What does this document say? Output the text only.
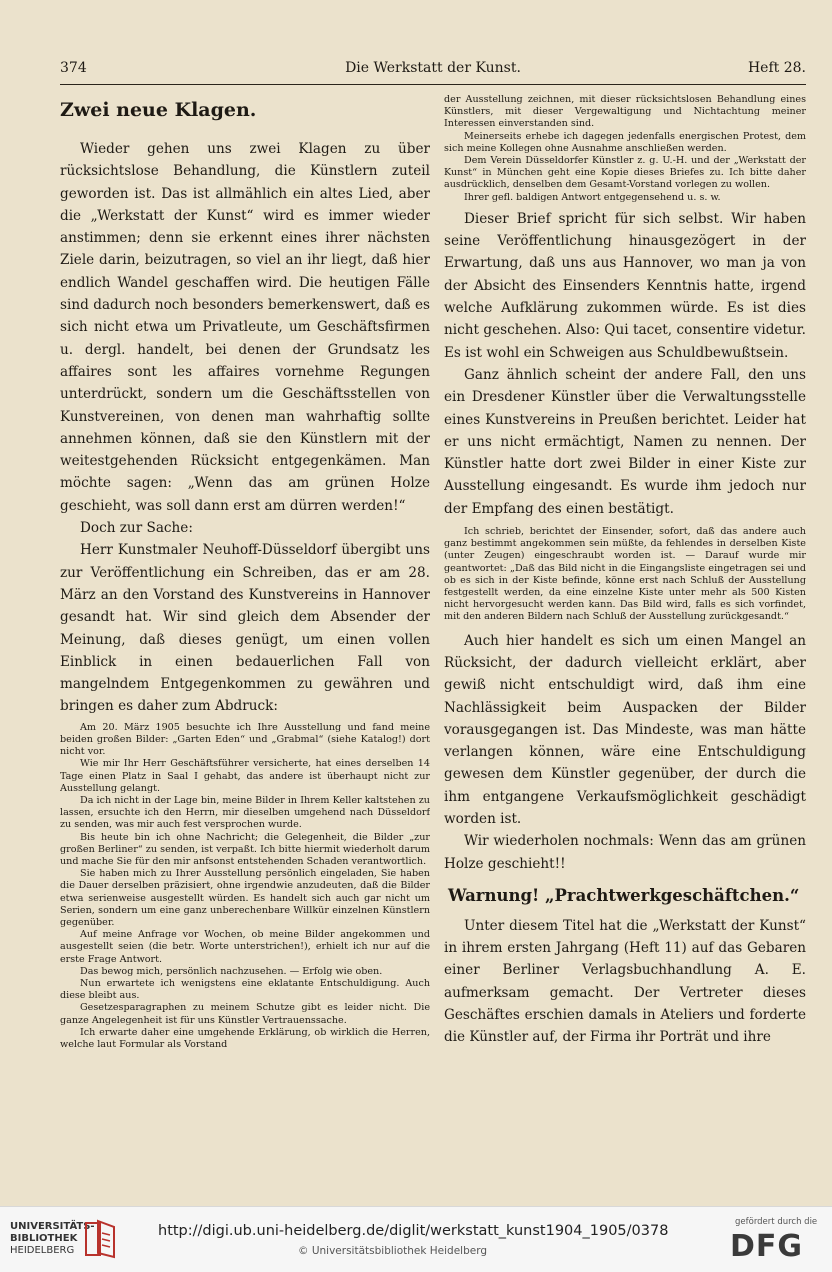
374	Die Werkstatt der Kunst.	Heft 28.

Zwei neue Klagen.

Wieder gehen uns zwei Klagen zu über rücksichtslose Behandlung, die Künstlern zuteil geworden ist. Das ist allmählich ein altes Lied, aber die „Werkstatt der Kunst“ wird es immer wieder anstimmen; denn sie erkennt eines ihrer nächsten Ziele darin, beizutragen, so viel an ihr liegt, daß hier endlich Wandel geschaffen wird. Die heutigen Fälle sind dadurch noch besonders bemerkenswert, daß es sich nicht etwa um Privatleute, um Geschäftsfirmen u. dergl. handelt, bei denen der Grundsatz les affaires sont les affaires vornehme Regungen unterdrückt, sondern um die Geschäftsstellen von Kunstvereinen, von denen man wahrhaftig sollte annehmen können, daß sie den Künstlern mit der weitestgehenden Rücksicht entgegenkämen. Man möchte sagen: „Wenn das am grünen Holze geschieht, was soll dann erst am dürren werden!“

Doch zur Sache:

Herr Kunstmaler Neuhoff-Düsseldorf übergibt uns zur Veröffentlichung ein Schreiben, das er am 28. März an den Vorstand des Kunstvereins in Hannover gesandt hat. Wir sind gleich dem Absender der Meinung, daß dieses genügt, um einen vollen Einblick in einen bedauerlichen Fall von mangelndem Entgegenkommen zu gewähren und bringen es daher zum Abdruck:

Am 20. März 1905 besuchte ich Ihre Ausstellung und fand meine beiden großen Bilder: „Garten Eden“ und „Grabmal“ (siehe Katalog!) dort nicht vor.

Wie mir Ihr Herr Geschäftsführer versicherte, hat eines derselben 14 Tage einen Platz in Saal I gehabt, das andere ist überhaupt nicht zur Ausstellung gelangt.

Da ich nicht in der Lage bin, meine Bilder in Ihrem Keller kaltstehen zu lassen, ersuchte ich den Herrn, mir dieselben umgehend nach Düsseldorf zu senden, was mir auch fest versprochen wurde.

Bis heute bin ich ohne Nachricht; die Gelegenheit, die Bilder „zur großen Berliner“ zu senden, ist verpaßt. Ich bitte hiermit wiederholt darum und mache Sie für den mir anfsonst entstehenden Schaden verantwortlich.

Sie haben mich zu Ihrer Ausstellung persönlich eingeladen, Sie haben die Dauer derselben präzisiert, ohne irgendwie anzudeuten, daß die Bilder etwa serienweise ausgestellt würden. Es handelt sich auch gar nicht um Serien, sondern um eine ganz unberechenbare Willkür einzelnen Künstlern gegenüber.

Auf meine Anfrage vor Wochen, ob meine Bilder angekommen und ausgestellt seien (die betr. Worte unterstrichen!), erhielt ich nur auf die erste Frage Antwort.

Das bewog mich, persönlich nachzusehen. — Erfolg wie oben.

Nun erwartete ich wenigstens eine eklatante Entschuldigung. Auch diese bleibt aus.

Gesetzesparagraphen zu meinem Schutze gibt es leider nicht. Die ganze Angelegenheit ist für uns Künstler Vertrauenssache.

Ich erwarte daher eine umgehende Erklärung, ob wirklich die Herren, welche laut Formular als Vorstand

der Ausstellung zeichnen, mit dieser rücksichtslosen Behandlung eines Künstlers, mit dieser Vergewaltigung und Nichtachtung meiner Interessen einverstanden sind.

Meinerseits erhebe ich dagegen jedenfalls energischen Protest, dem sich meine Kollegen ohne Ausnahme anschließen werden.

Dem Verein Düsseldorfer Künstler z. g. U.-H. und der „Werkstatt der Kunst“ in München geht eine Kopie dieses Briefes zu. Ich bitte daher ausdrücklich, denselben dem Gesamt-Vorstand vorlegen zu wollen.

Ihrer gefl. baldigen Antwort entgegensehend u. s. w.

Dieser Brief spricht für sich selbst. Wir haben seine Veröffentlichung hinausgezögert in der Erwartung, daß uns aus Hannover, wo man ja von der Absicht des Einsenders Kenntnis hatte, irgend welche Aufklärung zukommen würde. Es ist dies nicht geschehen. Also: Qui tacet, consentire videtur. Es ist wohl ein Schweigen aus Schuldbewußtsein.

Ganz ähnlich scheint der andere Fall, den uns ein Dresdener Künstler über die Verwaltungsstelle eines Kunstvereins in Preußen berichtet. Leider hat er uns nicht ermächtigt, Namen zu nennen. Der Künstler hatte dort zwei Bilder in einer Kiste zur Ausstellung eingesandt. Es wurde ihm jedoch nur der Empfang des einen bestätigt.

Ich schrieb, berichtet der Einsender, sofort, daß das andere auch ganz bestimmt angekommen sein müßte, da fehlendes in derselben Kiste (unter Zeugen) eingeschraubt worden ist. — Darauf wurde mir geantwortet: „Daß das Bild nicht in die Eingangsliste eingetragen sei und ob es sich in der Kiste befinde, könne erst nach Schluß der Ausstellung festgestellt werden, da eine einzelne Kiste unter mehr als 500 Kisten nicht hervorgesucht werden kann. Das Bild wird, falls es sich vorfindet, mit den anderen Bildern nach Schluß der Ausstellung zurückgesandt.“

Auch hier handelt es sich um einen Mangel an Rücksicht, der dadurch vielleicht erklärt, aber gewiß nicht entschuldigt wird, daß ihm eine Nachlässigkeit beim Auspacken der Bilder vorausgegangen ist. Das Mindeste, was man hätte verlangen können, wäre eine Entschuldigung gewesen dem Künstler gegenüber, der durch die ihm entgangene Verkaufsmöglichkeit geschädigt worden ist.

Wir wiederholen nochmals: Wenn das am grünen Holze geschieht!!

Warnung! „Prachtwerkgeschäftchen.“

Unter diesem Titel hat die „Werkstatt der Kunst“ in ihrem ersten Jahrgang (Heft 11) auf das Gebaren einer Berliner Verlagsbuchhandlung A. E. aufmerksam gemacht. Der Vertreter dieses Geschäftes erschien damals in Ateliers und forderte die Künstler auf, der Firma ihr Porträt und ihre

UNIVERSITÄTS-
BIBLIOTHEK
HEIDELBERG
http://digi.ub.uni-heidelberg.de/diglit/werkstatt_kunst1904_1905/0378
© Universitätsbibliothek Heidelberg
gefördert durch die
DFG
